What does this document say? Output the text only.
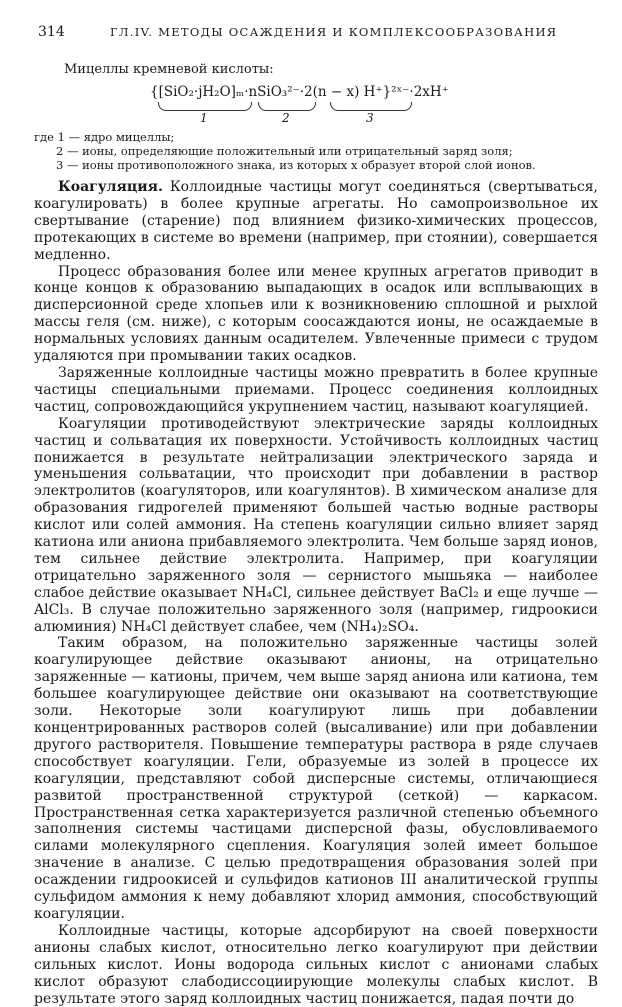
314	ГЛ.IV. МЕТОДЫ ОСАЖДЕНИЯ И КОМПЛЕКСООБРАЗОВАНИЯ
Мицеллы кремневой кислоты:
{[SiO₂·jH₂O]ₘ·nSiO₃²⁻·2(n − x) H⁺}²ˣ⁻·2xH⁺
1	2	3
где 1 — ядро мицеллы;
2 — ионы, определяющие положительный или отрицательный заряд золя;
3 — ионы противоположного знака, из которых x образует второй слой ионов.

Коагуляция. Коллоидные частицы могут соединяться (свертываться, коагулировать) в более крупные агрегаты. Но самопроизвольное их свертывание (старение) под влиянием физико-химических процессов, протекающих в системе во времени (например, при стоянии), совершается медленно.

Процесс образования более или менее крупных агрегатов приводит в конце концов к образованию выпадающих в осадок или всплывающих в дисперсионной среде хлопьев или к возникновению сплошной и рыхлой массы геля (см. ниже), с которым соосаждаются ионы, не осаждаемые в нормальных условиях данным осадителем. Увлеченные примеси с трудом удаляются при промывании таких осадков.

Заряженные коллоидные частицы можно превратить в более крупные частицы специальными приемами. Процесс соединения коллоидных частиц, сопровождающийся укрупнением частиц, называют коагуляцией.

Коагуляции противодействуют электрические заряды коллоидных частиц и сольватация их поверхности. Устойчивость коллоидных частиц понижается в результате нейтрализации электрического заряда и уменьшения сольватации, что происходит при добавлении в раствор электролитов (коагуляторов, или коагулянтов). В химическом анализе для образования гидрогелей применяют большей частью водные растворы кислот или солей аммония. На степень коагуляции сильно влияет заряд катиона или аниона прибавляемого электролита. Чем больше заряд ионов, тем сильнее действие электролита. Например, при коагуляции отрицательно заряженного золя — сернистого мышьяка — наиболее слабое действие оказывает NH₄Cl, сильнее действует BaCl₂ и еще лучше — AlCl₃. В случае положительно заряженного золя (например, гидроокиси алюминия) NH₄Cl действует слабее, чем (NH₄)₂SO₄.

Таким образом, на положительно заряженные частицы золей коагулирующее действие оказывают анионы, на отрицательно заряженные — катионы, причем, чем выше заряд аниона или катиона, тем большее коагулирующее действие они оказывают на соответствующие золи. Некоторые золи коагулируют лишь при добавлении концентрированных растворов солей (высаливание) или при добавлении другого растворителя. Повышение температуры раствора в ряде случаев способствует коагуляции. Гели, образуемые из золей в процессе их коагуляции, представляют собой дисперсные системы, отличающиеся развитой пространственной структурой (сеткой) — каркасом. Пространственная сетка характеризуется различной степенью объемного заполнения системы частицами дисперсной фазы, обусловливаемого силами молекулярного сцепления. Коагуляция золей имеет большое значение в анализе. С целью предотвращения образования золей при осаждении гидроокисей и сульфидов катионов III аналитической группы сульфидом аммония к нему добавляют хлорид аммония, способствующий коагуляции.

Коллоидные частицы, которые адсорбируют на своей поверхности анионы слабых кислот, относительно легко коагулируют при действии сильных кислот. Ионы водорода сильных кислот с анионами слабых кислот образуют слабодиссоциирующие молекулы слабых кислот. В результате этого заряд коллоидных частиц понижается, падая почти до
